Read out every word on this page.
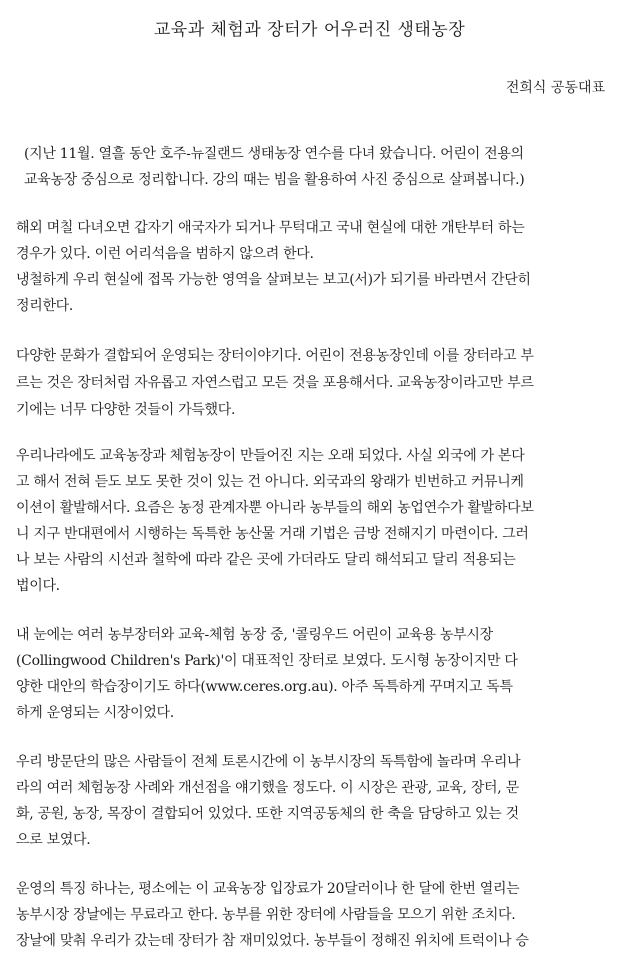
교육과 체험과 장터가 어우러진 생태농장
전희식 공동대표
(지난 11월. 열흘 동안 호주-뉴질랜드 생태농장 연수를 다녀 왔습니다. 어린이 전용의
교육농장 중심으로 정리합니다. 강의 때는 빔을 활용하여 사진 중심으로 살펴봅니다.)
해외 며칠 다녀오면 갑자기 애국자가 되거나 무턱대고 국내 현실에 대한 개탄부터 하는
경우가 있다. 이런 어리석음을 범하지 않으려 한다.
냉철하게 우리 현실에 접목 가능한 영역을 살펴보는 보고(서)가 되기를 바라면서 간단히
정리한다.
다양한 문화가 결합되어 운영되는 장터이야기다. 어린이 전용농장인데 이를 장터라고 부
르는 것은 장터처럼 자유롭고 자연스럽고 모든 것을 포용해서다. 교육농장이라고만 부르
기에는 너무 다양한 것들이 가득했다.
우리나라에도 교육농장과 체험농장이 만들어진 지는 오래 되었다. 사실 외국에 가 본다
고 해서 전혀 듣도 보도 못한 것이 있는 건 아니다. 외국과의 왕래가 빈번하고 커뮤니케
이션이 활발해서다. 요즘은 농정 관계자뿐 아니라 농부들의 해외 농업연수가 활발하다보
니 지구 반대편에서 시행하는 독특한 농산물 거래 기법은 금방 전해지기 마련이다. 그러
나 보는 사람의 시선과 철학에 따라 같은 곳에 가더라도 달리 해석되고 달리 적용되는
법이다.
내 눈에는 여러 농부장터와 교육-체험 농장 중, '콜링우드 어린이 교육용 농부시장
(Collingwood Children's Park)'이 대표적인 장터로 보였다. 도시형 농장이지만 다
양한 대안의 학습장이기도 하다(www.ceres.org.au). 아주 독특하게 꾸며지고 독특
하게 운영되는 시장이었다.
우리 방문단의 많은 사람들이 전체 토론시간에 이 농부시장의 독특함에 놀라며 우리나
라의 여러 체험농장 사례와 개선점을 얘기했을 정도다. 이 시장은 관광, 교육, 장터, 문
화, 공원, 농장, 목장이 결합되어 있었다. 또한 지역공동체의 한 축을 담당하고 있는 것
으로 보였다.
운영의 특징 하나는, 평소에는 이 교육농장 입장료가 20달러이나 한 달에 한번 열리는
농부시장 장날에는 무료라고 한다. 농부를 위한 장터에 사람들을 모으기 위한 조치다.
장날에 맞춰 우리가 갔는데 장터가 참 재미있었다. 농부들이 정해진 위치에 트럭이나 승
